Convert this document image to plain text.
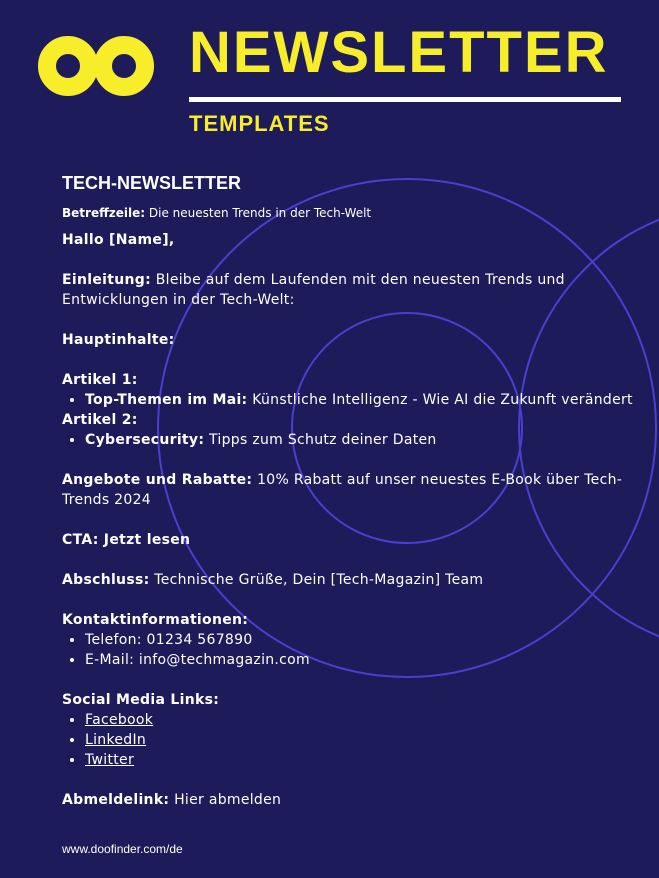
NEWSLETTER
TEMPLATES
TECH-NEWSLETTER

Betreffzeile: Die neuesten Trends in der Tech-Welt

Hallo [Name],

Einleitung: Bleibe auf dem Laufenden mit den neuesten Trends und Entwicklungen in der Tech-Welt:

Hauptinhalte:

Artikel 1:

• Top-Themen im Mai: Künstliche Intelligenz - Wie AI die Zukunft verändert

Artikel 2:

• Cybersecurity: Tipps zum Schutz deiner Daten

Angebote und Rabatte: 10% Rabatt auf unser neuestes E-Book über Tech-Trends 2024

CTA: Jetzt lesen

Abschluss: Technische Grüße, Dein [Tech-Magazin] Team

Kontaktinformationen:

• Telefon: 01234 567890
• E-Mail: info@techmagazin.com

Social Media Links:

• Facebook
• LinkedIn
• Twitter

Abmeldelink: Hier abmelden

www.doofinder.com/de
